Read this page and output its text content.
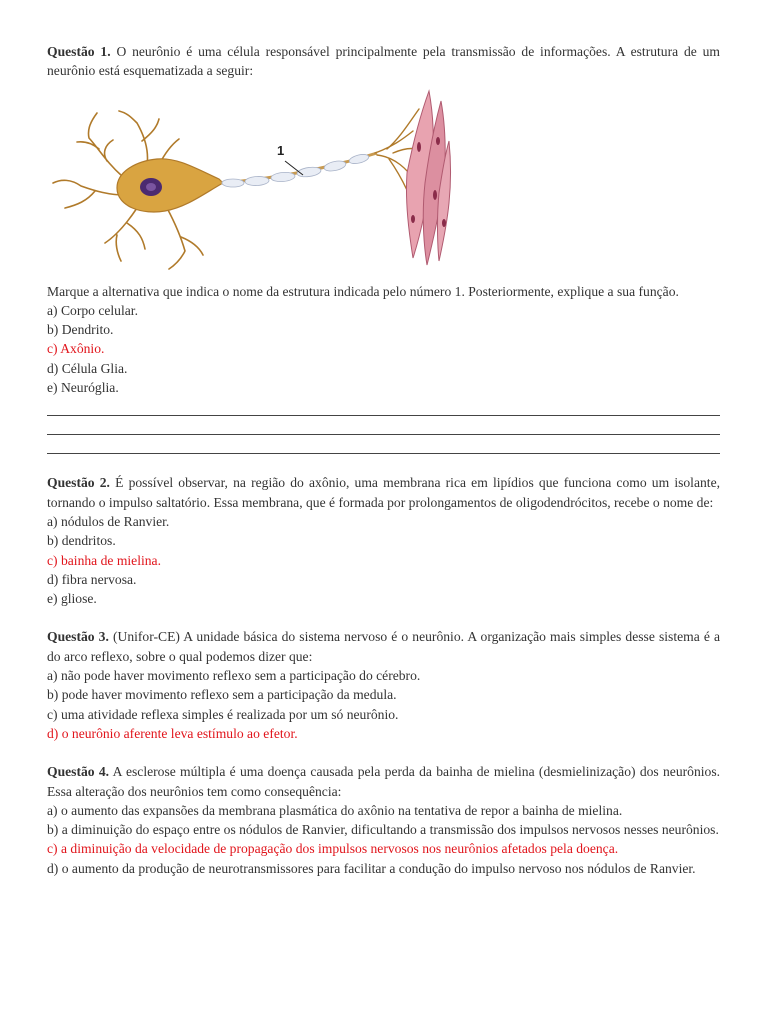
Questão 1. O neurônio é uma célula responsável principalmente pela transmissão de informações. A estrutura de um neurônio está esquematizada a seguir:

1

Marque a alternativa que indica o nome da estrutura indicada pelo número 1. Posteriormente, explique a sua função.

a) Corpo celular.

b) Dendrito.

c) Axônio.

d) Célula Glia.

e) Neuróglia.

Questão 2. É possível observar, na região do axônio, uma membrana rica em lipídios que funciona como um isolante, tornando o impulso saltatório. Essa membrana, que é formada por prolongamentos de oligodendrócitos, recebe o nome de:

a) nódulos de Ranvier.

b) dendritos.

c) bainha de mielina.

d) fibra nervosa.

e) gliose.

Questão 3. (Unifor-CE) A unidade básica do sistema nervoso é o neurônio. A organização mais simples desse sistema é a do arco reflexo, sobre o qual podemos dizer que:

a) não pode haver movimento reflexo sem a participação do cérebro.

b) pode haver movimento reflexo sem a participação da medula.

c) uma atividade reflexa simples é realizada por um só neurônio.

d) o neurônio aferente leva estímulo ao efetor.

Questão 4. A esclerose múltipla é uma doença causada pela perda da bainha de mielina (desmielinização) dos neurônios. Essa alteração dos neurônios tem como consequência:

a) o aumento das expansões da membrana plasmática do axônio na tentativa de repor a bainha de mielina.

b) a diminuição do espaço entre os nódulos de Ranvier, dificultando a transmissão dos impulsos nervosos nesses neurônios.

c) a diminuição da velocidade de propagação dos impulsos nervosos nos neurônios afetados pela doença.

d) o aumento da produção de neurotransmissores para facilitar a condução do impulso nervoso nos nódulos de Ranvier.
